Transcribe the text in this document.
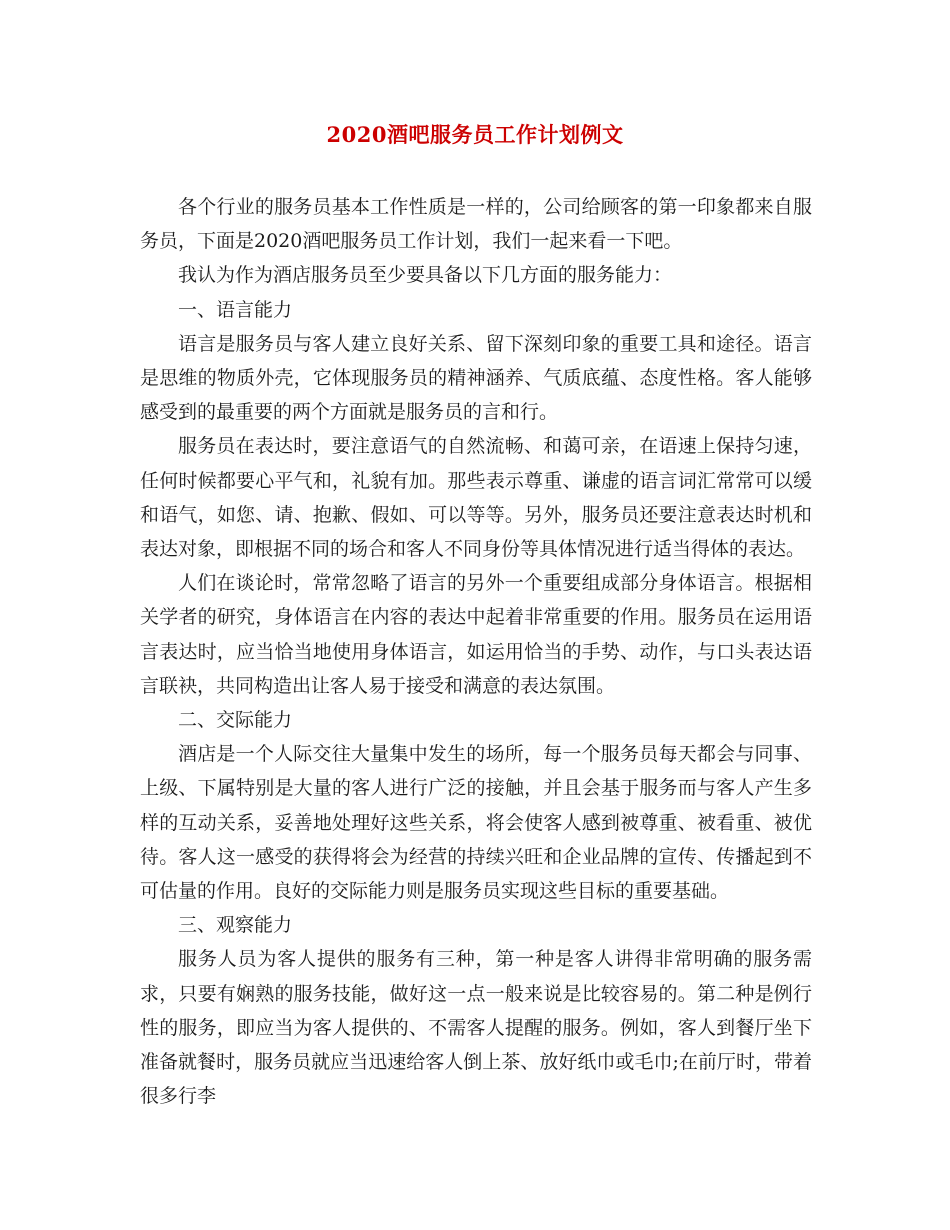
2020酒吧服务员工作计划例文

各个行业的服务员基本工作性质是一样的，公司给顾客的第一印象都来自服务员，下面是2020酒吧服务员工作计划，我们一起来看一下吧。

我认为作为酒店服务员至少要具备以下几方面的服务能力：

一、语言能力

语言是服务员与客人建立良好关系、留下深刻印象的重要工具和途径。语言是思维的物质外壳，它体现服务员的精神涵养、气质底蕴、态度性格。客人能够感受到的最重要的两个方面就是服务员的言和行。

服务员在表达时，要注意语气的自然流畅、和蔼可亲，在语速上保持匀速，任何时候都要心平气和，礼貌有加。那些表示尊重、谦虚的语言词汇常常可以缓和语气，如您、请、抱歉、假如、可以等等。另外，服务员还要注意表达时机和表达对象，即根据不同的场合和客人不同身份等具体情况进行适当得体的表达。

人们在谈论时，常常忽略了语言的另外一个重要组成部分身体语言。根据相关学者的研究，身体语言在内容的表达中起着非常重要的作用。服务员在运用语言表达时，应当恰当地使用身体语言，如运用恰当的手势、动作，与口头表达语言联袂，共同构造出让客人易于接受和满意的表达氛围。

二、交际能力

酒店是一个人际交往大量集中发生的场所，每一个服务员每天都会与同事、上级、下属特别是大量的客人进行广泛的接触，并且会基于服务而与客人产生多样的互动关系，妥善地处理好这些关系，将会使客人感到被尊重、被看重、被优待。客人这一感受的获得将会为经营的持续兴旺和企业品牌的宣传、传播起到不可估量的作用。良好的交际能力则是服务员实现这些目标的重要基础。

三、观察能力

服务人员为客人提供的服务有三种，第一种是客人讲得非常明确的服务需求，只要有娴熟的服务技能，做好这一点一般来说是比较容易的。第二种是例行性的服务，即应当为客人提供的、不需客人提醒的服务。例如，客人到餐厅坐下准备就餐时，服务员就应当迅速给客人倒上茶、放好纸巾或毛巾;在前厅时，带着很多行李
